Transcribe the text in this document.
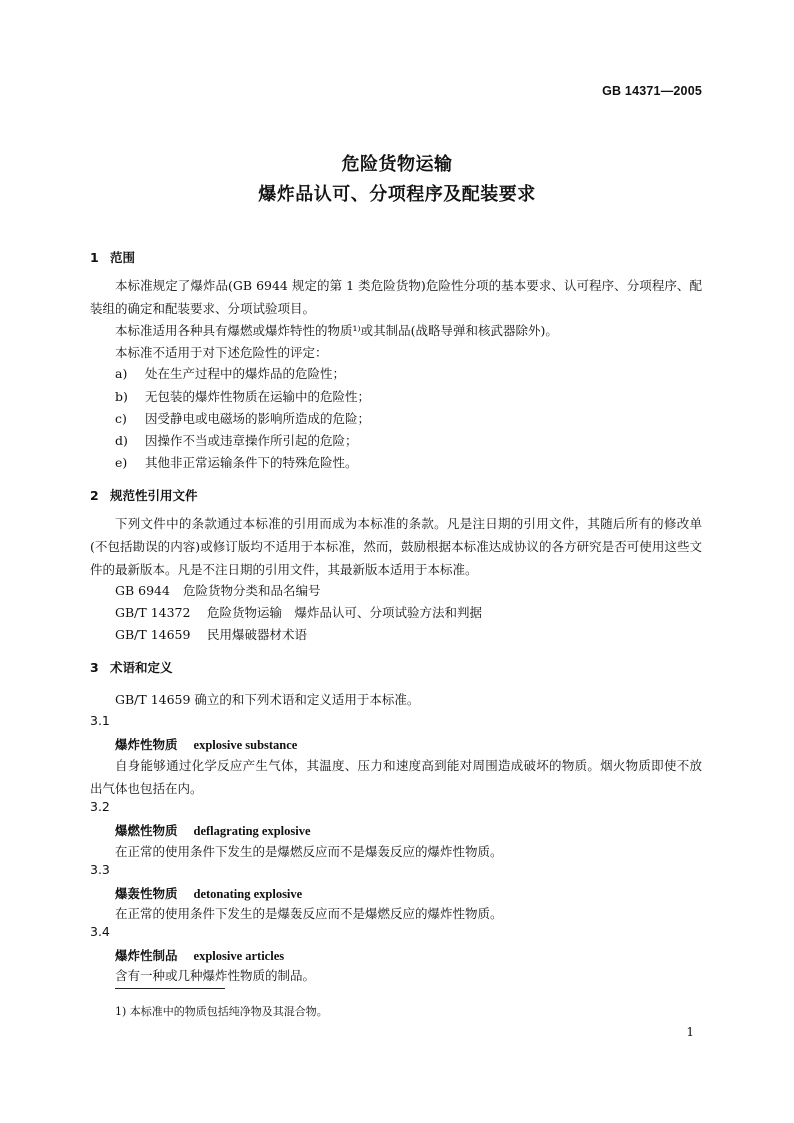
GB 14371—2005
危险货物运输
爆炸品认可、分项程序及配装要求
1 范围
本标准规定了爆炸品(GB 6944 规定的第 1 类危险货物)危险性分项的基本要求、认可程序、分项程序、配装组的确定和配装要求、分项试验项目。
本标准适用各种具有爆燃或爆炸特性的物质¹⁾或其制品(战略导弹和核武器除外)。
本标准不适用于对下述危险性的评定：
a) 处在生产过程中的爆炸品的危险性；
b) 无包装的爆炸性物质在运输中的危险性；
c) 因受静电或电磁场的影响所造成的危险；
d) 因操作不当或违章操作所引起的危险；
e) 其他非正常运输条件下的特殊危险性。
2 规范性引用文件
下列文件中的条款通过本标准的引用而成为本标准的条款。凡是注日期的引用文件，其随后所有的修改单(不包括勘误的内容)或修订版均不适用于本标准，然而，鼓励根据本标准达成协议的各方研究是否可使用这些文件的最新版本。凡是不注日期的引用文件，其最新版本适用于本标准。
GB 6944 危险货物分类和品名编号
GB/T 14372 危险货物运输　爆炸品认可、分项试验方法和判据
GB/T 14659 民用爆破器材术语
3 术语和定义
GB/T 14659 确立的和下列术语和定义适用于本标准。
3.1
爆炸性物质 explosive substance
自身能够通过化学反应产生气体，其温度、压力和速度高到能对周围造成破坏的物质。烟火物质即使不放出气体也包括在内。
3.2
爆燃性物质 deflagrating explosive
在正常的使用条件下发生的是爆燃反应而不是爆轰反应的爆炸性物质。
3.3
爆轰性物质 detonating explosive
在正常的使用条件下发生的是爆轰反应而不是爆燃反应的爆炸性物质。
3.4
爆炸性制品 explosive articles
含有一种或几种爆炸性物质的制品。
1) 本标准中的物质包括纯净物及其混合物。
1
